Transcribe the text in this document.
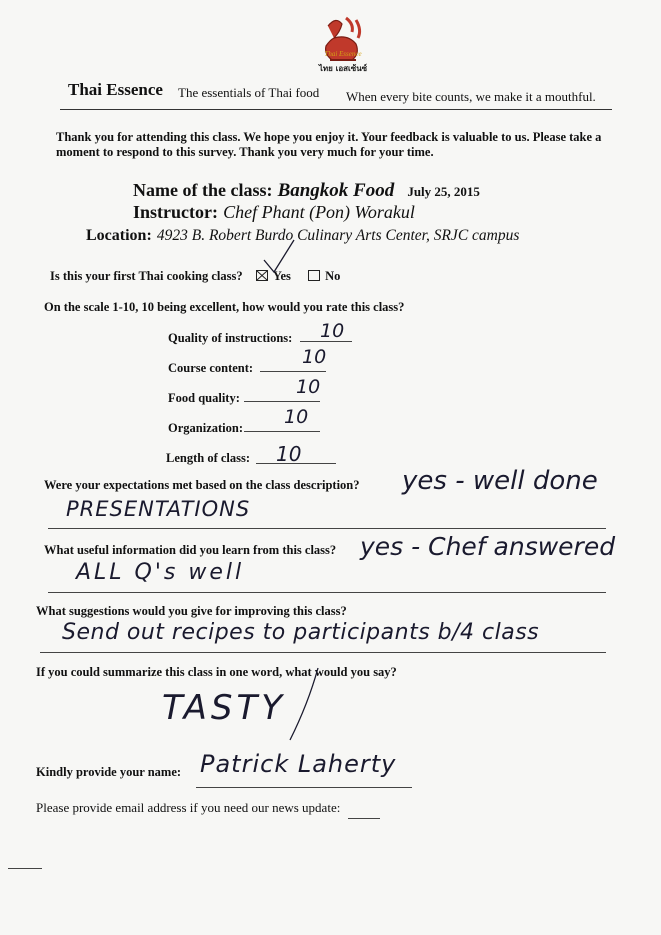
Thai Essence
ไทย เอสเซ้นซ์
Thai Essence The essentials of Thai food When every bite counts, we make it a mouthful.
Thank you for attending this class. We hope you enjoy it. Your feedback is valuable to us. Please take a moment to respond to this survey. Thank you very much for your time.
Name of the class: Bangkok Food July 25, 2015
Instructor: Chef Phant (Pon) Worakul
Location: 4923 B. Robert Burdo Culinary Arts Center, SRJC campus
Is this your first Thai cooking class? Yes	No
On the scale 1-10, 10 being excellent, how would you rate this class?
Quality of instructions: 10
Course content:	10
Food quality:	10
Organization: 10
Length of class: 10
Were your expectations met based on the class description? yes - well done
PRESENTATIONS
What useful information did you learn from this class? yes - Chef answered
ALL Q's well
What suggestions would you give for improving this class?
Send out recipes to participants b/4 class
If you could summarize this class in one word, what would you say?
TASTY
Kindly provide your name: Patrick Laherty
Please provide email address if you need our news update:
